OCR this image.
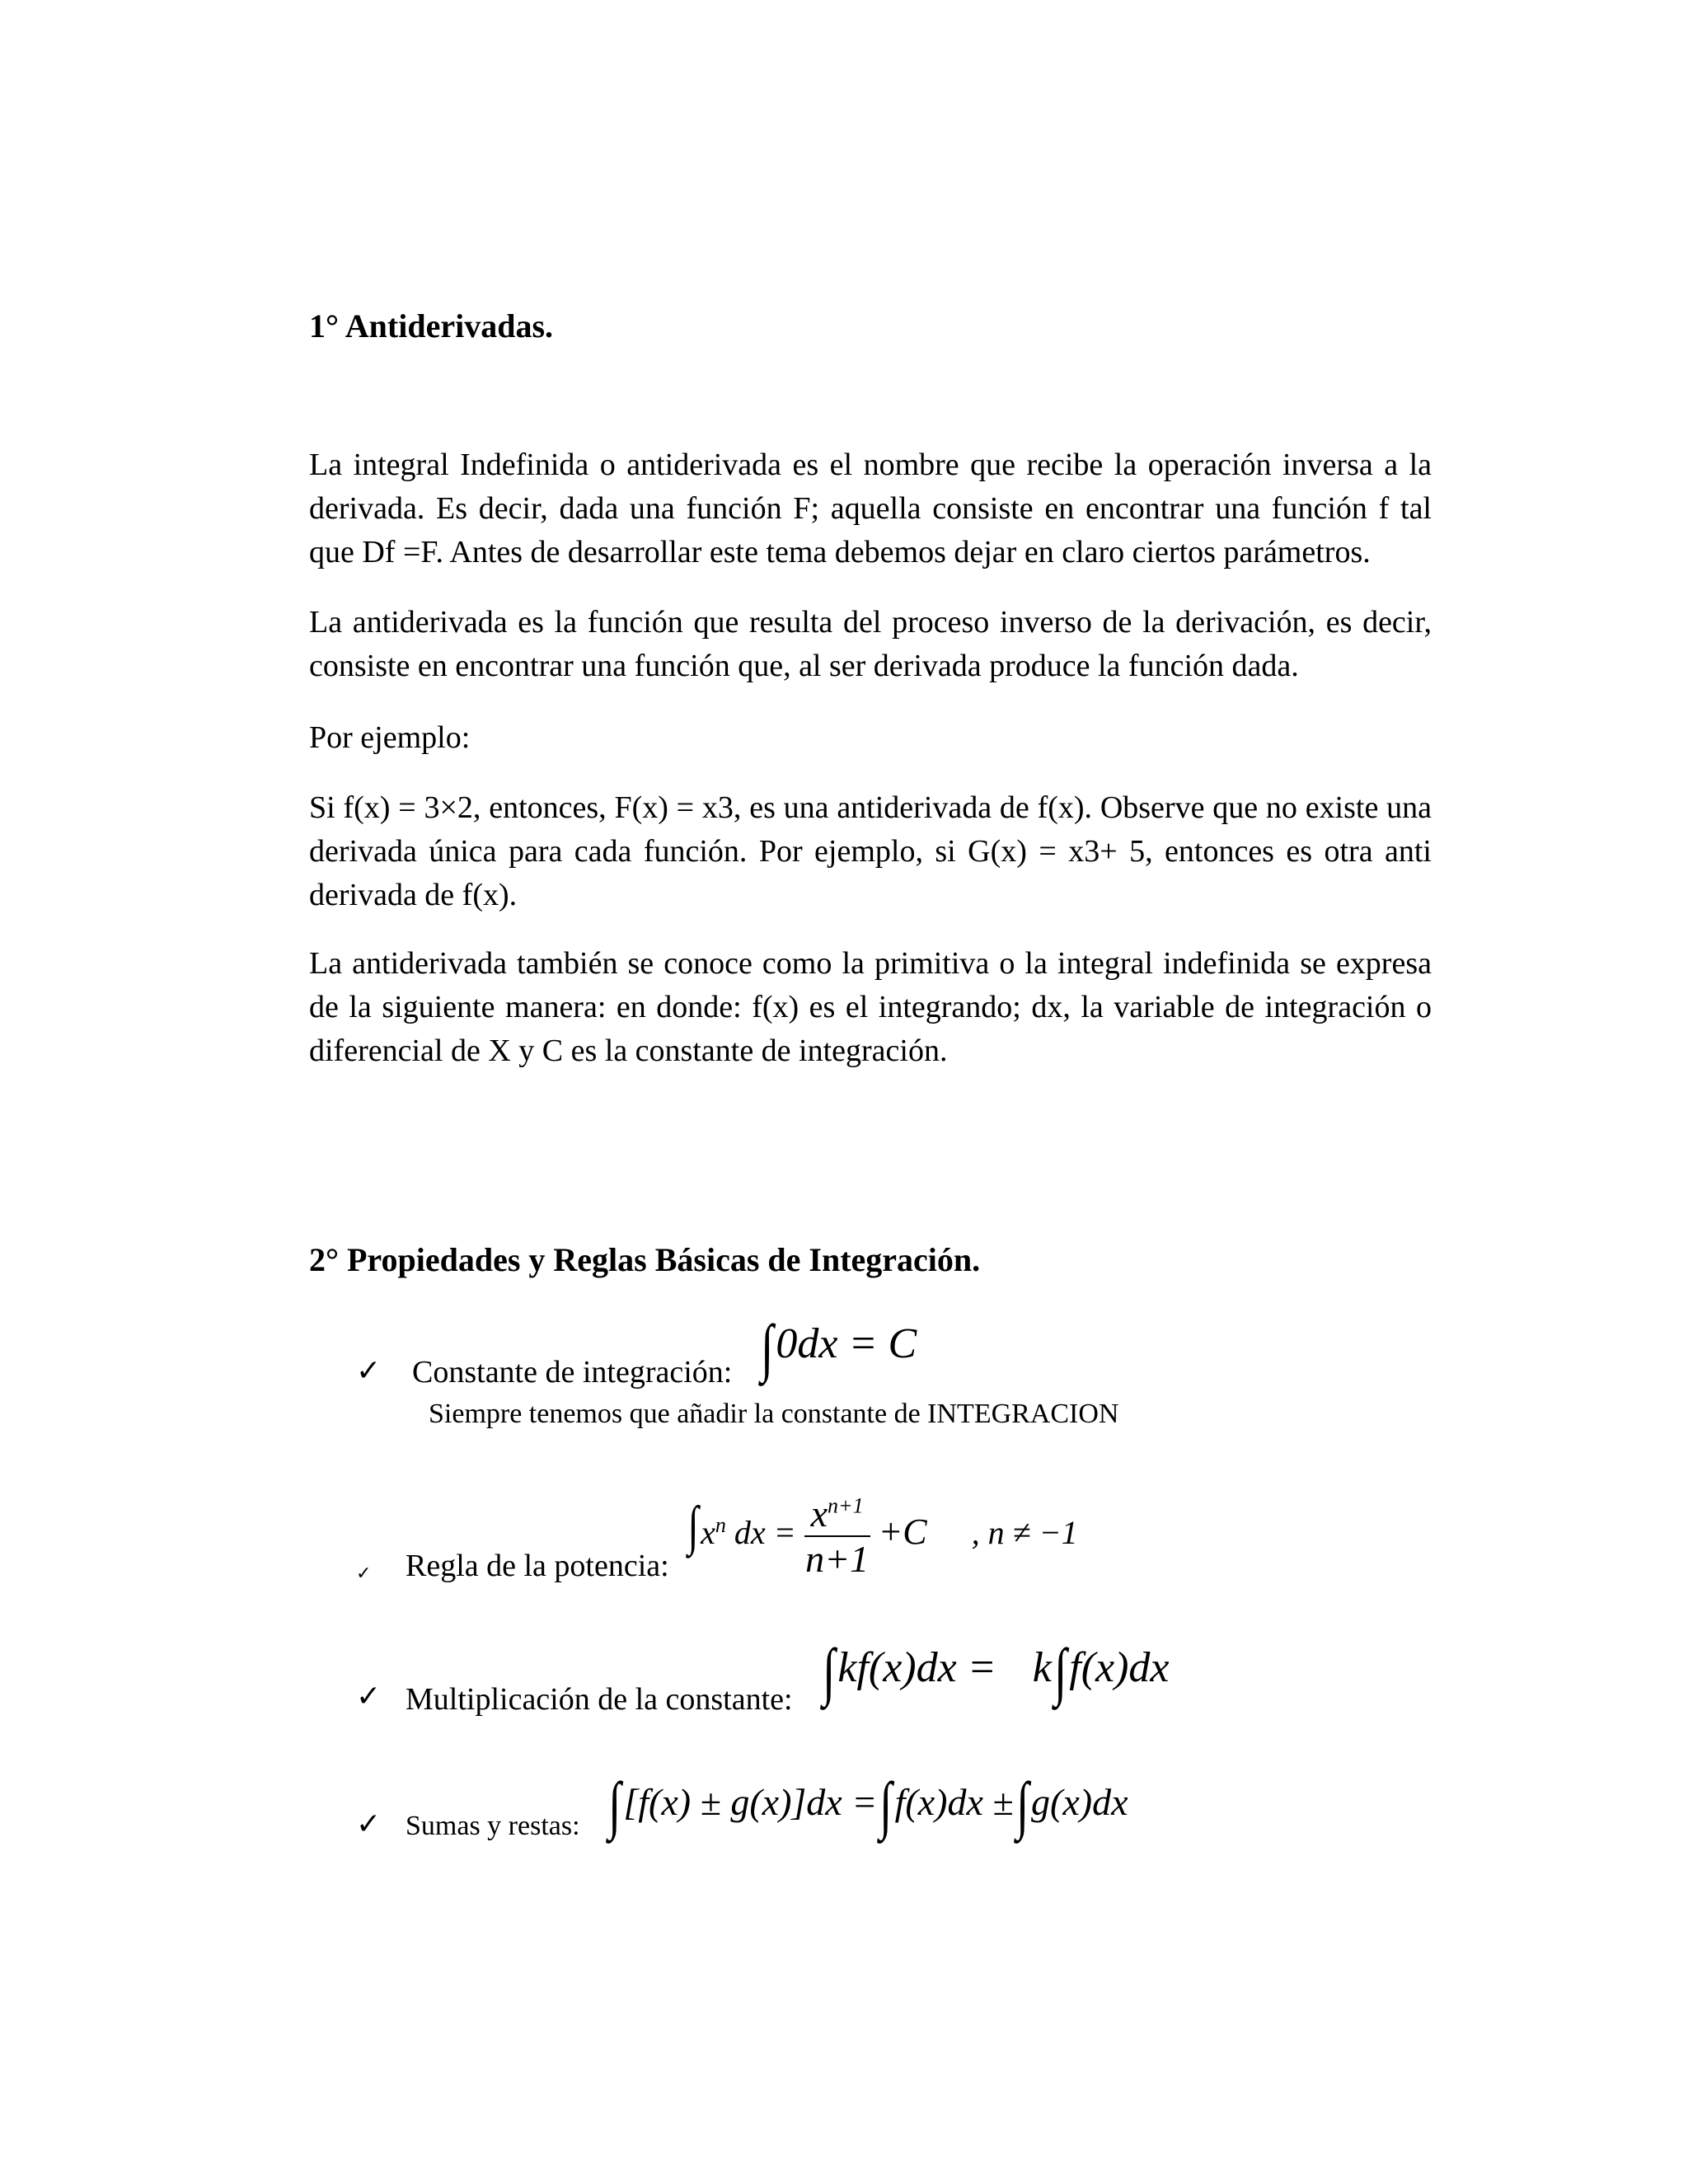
1° Antiderivadas.

La integral Indefinida o antiderivada es el nombre que recibe la operación inversa a la derivada. Es decir, dada una función F; aquella consiste en encontrar una función f tal que Df =F. Antes de desarrollar este tema debemos dejar en claro ciertos parámetros.

La antiderivada es la función que resulta del proceso inverso de la derivación, es decir, consiste en encontrar una función que, al ser derivada produce la función dada.

Por ejemplo:

Si f(x) = 3×2, entonces, F(x) = x3, es una antiderivada de f(x). Observe que no existe una derivada única para cada función. Por ejemplo, si G(x) = x3+ 5, entonces es otra anti derivada de f(x).

La antiderivada también se conoce como la primitiva o la integral indefinida se expresa de la siguiente manera: en donde: f(x) es el integrando; dx, la variable de integración o diferencial de X y C es la constante de integración.

2° Propiedades y Reglas Básicas de Integración.

✓ Constante de integración: ∫0dx = C
Siempre tenemos que añadir la constante de INTEGRACION
✓ Regla de la potencia:
$\int x^n$ dx = $\frac{x^{n+1}}{n+1} +C$ , n ≠ −1
✓ Multiplicación de la constante: ∫kf(x)dx = k∫f(x)dx
✓ Sumas y restas: ∫[f(x) ± g(x)]dx =∫f(x)dx ±∫g(x)dx
